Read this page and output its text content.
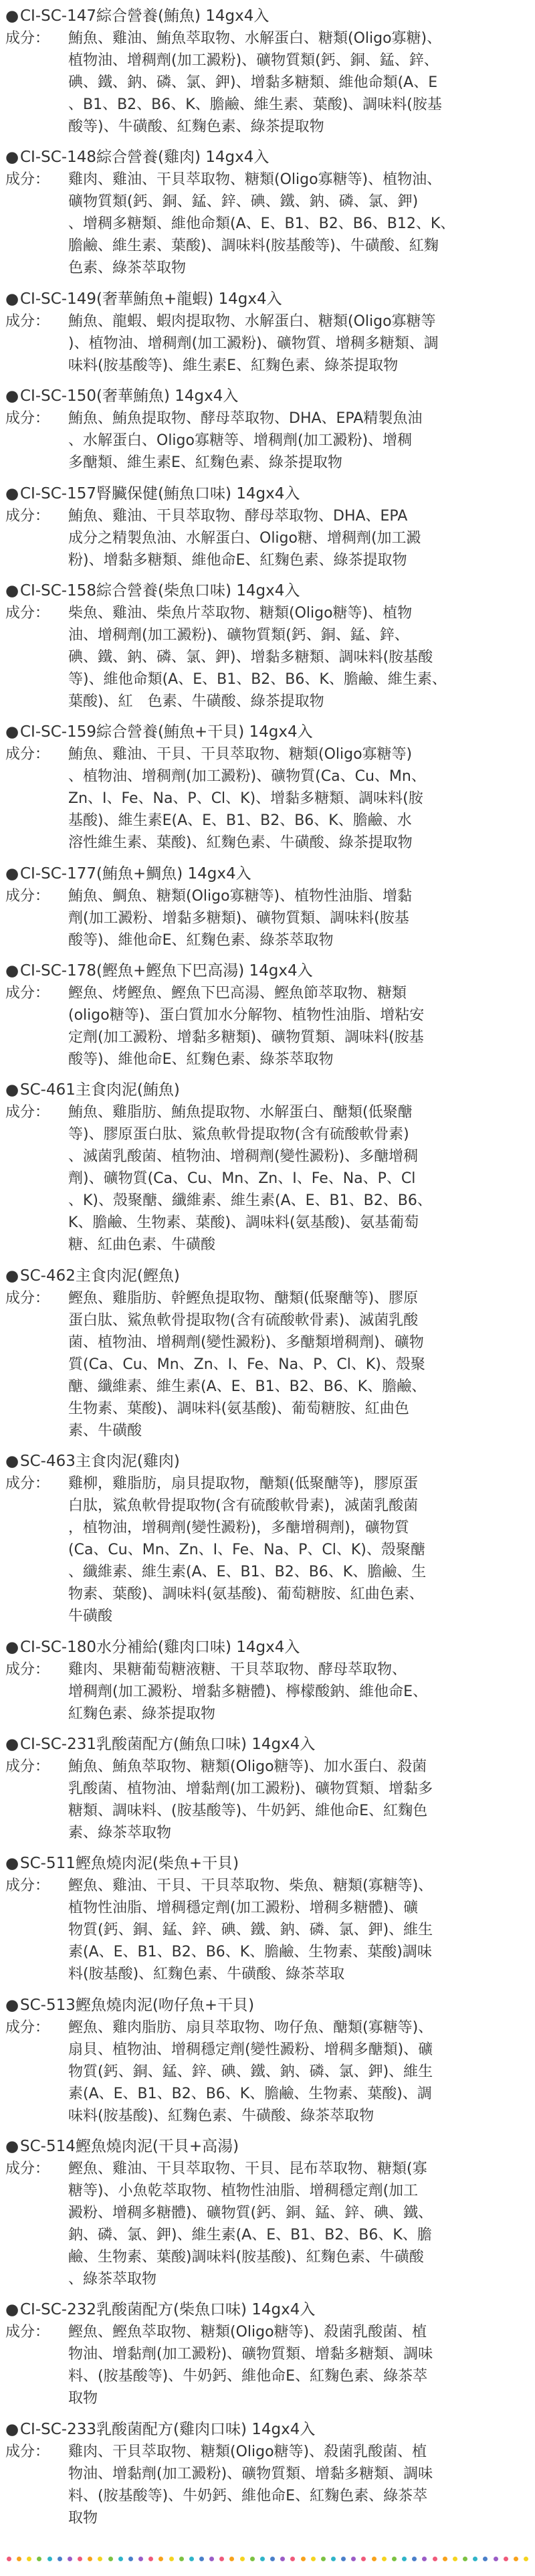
●CI-SC-147綜合營養(鮪魚) 14gx4入
成分：	鮪魚、雞油、鮪魚萃取物、水解蛋白、糖類(Oligo寡糖)、
植物油、增稠劑(加工澱粉)、礦物質類(鈣、銅、錳、鋅、
碘、鐵、鈉、磷、氯、鉀)、增黏多糖類、維他命類(A、E
、B1、B2、B6、K、膽鹼、維生素、葉酸)、調味料(胺基
酸等)、牛磺酸、紅麴色素、綠茶提取物
●CI-SC-148綜合營養(雞肉) 14gx4入
成分：	雞肉、雞油、干貝萃取物、糖類(Oligo寡糖等)、植物油、
礦物質類(鈣、銅、錳、鋅、碘、鐵、鈉、磷、氯、鉀)
、增稠多糖類、維他命類(A、E、B1、B2、B6、B12、K、
膽鹼、維生素、葉酸)、調味料(胺基酸等)、牛磺酸、紅麴
色素、綠茶萃取物
●CI-SC-149(奢華鮪魚+龍蝦) 14gx4入
成分：	鮪魚、龍蝦、蝦肉提取物、水解蛋白、糖類(Oligo寡糖等
)、植物油、增稠劑(加工澱粉)、礦物質、增稠多糖類、調
味料(胺基酸等)、維生素E、紅麴色素、綠茶提取物
●CI-SC-150(奢華鮪魚) 14gx4入
成分：	鮪魚、鮪魚提取物、酵母萃取物、DHA、EPA精製魚油
、水解蛋白、Oligo寡糖等、增稠劑(加工澱粉)、增稠
多醣類、維生素E、紅麴色素、綠茶提取物
●CI-SC-157腎臟保健(鮪魚口味) 14gx4入
成分：	鮪魚、雞油、干貝萃取物、酵母萃取物、DHA、EPA
成分之精製魚油、水解蛋白、Oligo糖、增稠劑(加工澱
粉)、增黏多糖類、維他命E、紅麴色素、綠茶提取物
●CI-SC-158綜合營養(柴魚口味) 14gx4入
成分：	柴魚、雞油、柴魚片萃取物、糖類(Oligo糖等)、植物
油、增稠劑(加工澱粉)、礦物質類(鈣、銅、錳、鋅、
碘、鐵、鈉、磷、氯、鉀)、增黏多糖類、調味料(胺基酸
等)、維他命類(A、E、B1、B2、B6、K、膽鹼、維生素、
葉酸)、紅　色素、牛磺酸、綠茶提取物
●CI-SC-159綜合營養(鮪魚+干貝) 14gx4入
成分：	鮪魚、雞油、干貝、干貝萃取物、糖類(Oligo寡糖等)
、植物油、增稠劑(加工澱粉)、礦物質(Ca、Cu、Mn、
Zn、I、Fe、Na、P、Cl、K)、增黏多糖類、調味料(胺
基酸)、維生素E(A、E、B1、B2、B6、K、膽鹼、水
溶性維生素、葉酸)、紅麴色素、牛磺酸、綠茶提取物
●CI-SC-177(鮪魚+鯛魚) 14gx4入
成分：	鮪魚、鯛魚、糖類(Oligo寡糖等)、植物性油脂、增黏
劑(加工澱粉、增黏多糖類)、礦物質類、調味料(胺基
酸等)、維他命E、紅麴色素、綠茶萃取物
●CI-SC-178(鰹魚+鰹魚下巴高湯) 14gx4入
成分：	鰹魚、烤鰹魚、鰹魚下巴高湯、鰹魚節萃取物、糖類
(oligo糖等)、蛋白質加水分解物、植物性油脂、增粘安
定劑(加工澱粉、增黏多糖類)、礦物質類、調味料(胺基
酸等)、維他命E、紅麴色素、綠茶萃取物
●SC-461主食肉泥(鮪魚)
成分：	鮪魚、雞脂肪、鮪魚提取物、水解蛋白、醣類(低聚醣
等)、膠原蛋白肽、鯊魚軟骨提取物(含有硫酸軟骨素)
、滅菌乳酸菌、植物油、增稠劑(變性澱粉)、多醣增稠
劑)、礦物質(Ca、Cu、Mn、Zn、I、Fe、Na、P、Cl
、K)、殼聚醣、纖維素、維生素(A、E、B1、B2、B6、
K、膽鹼、生物素、葉酸)、調味料(氨基酸)、氨基葡萄
糖、紅曲色素、牛磺酸
●SC-462主食肉泥(鰹魚)
成分：	鰹魚、雞脂肪、幹鰹魚提取物、醣類(低聚醣等)、膠原
蛋白肽、鯊魚軟骨提取物(含有硫酸軟骨素)、滅菌乳酸
菌、植物油、增稠劑(變性澱粉)、多醣類增稠劑)、礦物
質(Ca、Cu、Mn、Zn、I、Fe、Na、P、Cl、K)、殼聚
醣、纖維素、維生素(A、E、B1、B2、B6、K、膽鹼、
生物素、葉酸)、調味料(氨基酸)、葡萄糖胺、紅曲色
素、牛磺酸
●SC-463主食肉泥(雞肉)
成分：	雞柳，雞脂肪，扇貝提取物，醣類(低聚醣等)，膠原蛋
白肽，鯊魚軟骨提取物(含有硫酸軟骨素)，滅菌乳酸菌
，植物油，增稠劑(變性澱粉)，多醣增稠劑)，礦物質
(Ca、Cu、Mn、Zn、I、Fe、Na、P、Cl、K)、殼聚醣
、纖維素、維生素(A、E、B1、B2、B6、K、膽鹼、生
物素、葉酸)、調味料(氨基酸)、葡萄糖胺、紅曲色素、
牛磺酸
●CI-SC-180水分補給(雞肉口味) 14gx4入
成分：	雞肉、果糖葡萄糖液糖、干貝萃取物、酵母萃取物、
增稠劑(加工澱粉、增黏多糖體)、檸檬酸鈉、維他命E、
紅麴色素、綠茶提取物
●CI-SC-231乳酸菌配方(鮪魚口味) 14gx4入
成分：	鮪魚、鮪魚萃取物、糖類(Oligo糖等)、加水蛋白、殺菌
乳酸菌、植物油、增黏劑(加工澱粉)、礦物質類、增黏多
糖類、調味料、(胺基酸等)、牛奶鈣、維他命E、紅麴色
素、綠茶萃取物
●SC-511鰹魚燒肉泥(柴魚+干貝)
成分：	鰹魚、雞油、干貝、干貝萃取物、柴魚、糖類(寡糖等)、
植物性油脂、增稠穩定劑(加工澱粉、增稠多糖體)、礦
物質(鈣、銅、錳、鋅、碘、鐵、鈉、磷、氯、鉀)、維生
素(A、E、B1、B2、B6、K、膽鹼、生物素、葉酸)調味
料(胺基酸)、紅麴色素、牛磺酸、綠茶萃取
●SC-513鰹魚燒肉泥(吻仔魚+干貝)
成分：	鰹魚、雞肉脂肪、扇貝萃取物、吻仔魚、醣類(寡糖等)、
扇貝、植物油、增稠穩定劑(變性澱粉、增稠多醣類)、礦
物質(鈣、銅、錳、鋅、碘、鐵、鈉、磷、氯、鉀)、維生
素(A、E、B1、B2、B6、K、膽鹼、生物素、葉酸)、調
味料(胺基酸)、紅麴色素、牛磺酸、綠茶萃取物
●SC-514鰹魚燒肉泥(干貝+高湯)
成分：	鰹魚、雞油、干貝萃取物、干貝、昆布萃取物、糖類(寡
糖等)、小魚乾萃取物、植物性油脂、增稠穩定劑(加工
澱粉、增稠多糖體)、礦物質(鈣、銅、錳、鋅、碘、鐵、
鈉、磷、氯、鉀)、維生素(A、E、B1、B2、B6、K、膽
鹼、生物素、葉酸)調味料(胺基酸)、紅麴色素、牛磺酸
、綠茶萃取物
●CI-SC-232乳酸菌配方(柴魚口味) 14gx4入
成分：	鰹魚、鰹魚萃取物、糖類(Oligo糖等)、殺菌乳酸菌、植
物油、增黏劑(加工澱粉)、礦物質類、增黏多糖類、調味
料、(胺基酸等)、牛奶鈣、維他命E、紅麴色素、綠茶萃
取物
●CI-SC-233乳酸菌配方(雞肉口味) 14gx4入
成分：	雞肉、干貝萃取物、糖類(Oligo糖等)、殺菌乳酸菌、植
物油、增黏劑(加工澱粉)、礦物質類、增黏多糖類、調味
料、(胺基酸等)、牛奶鈣、維他命E、紅麴色素、綠茶萃
取物
